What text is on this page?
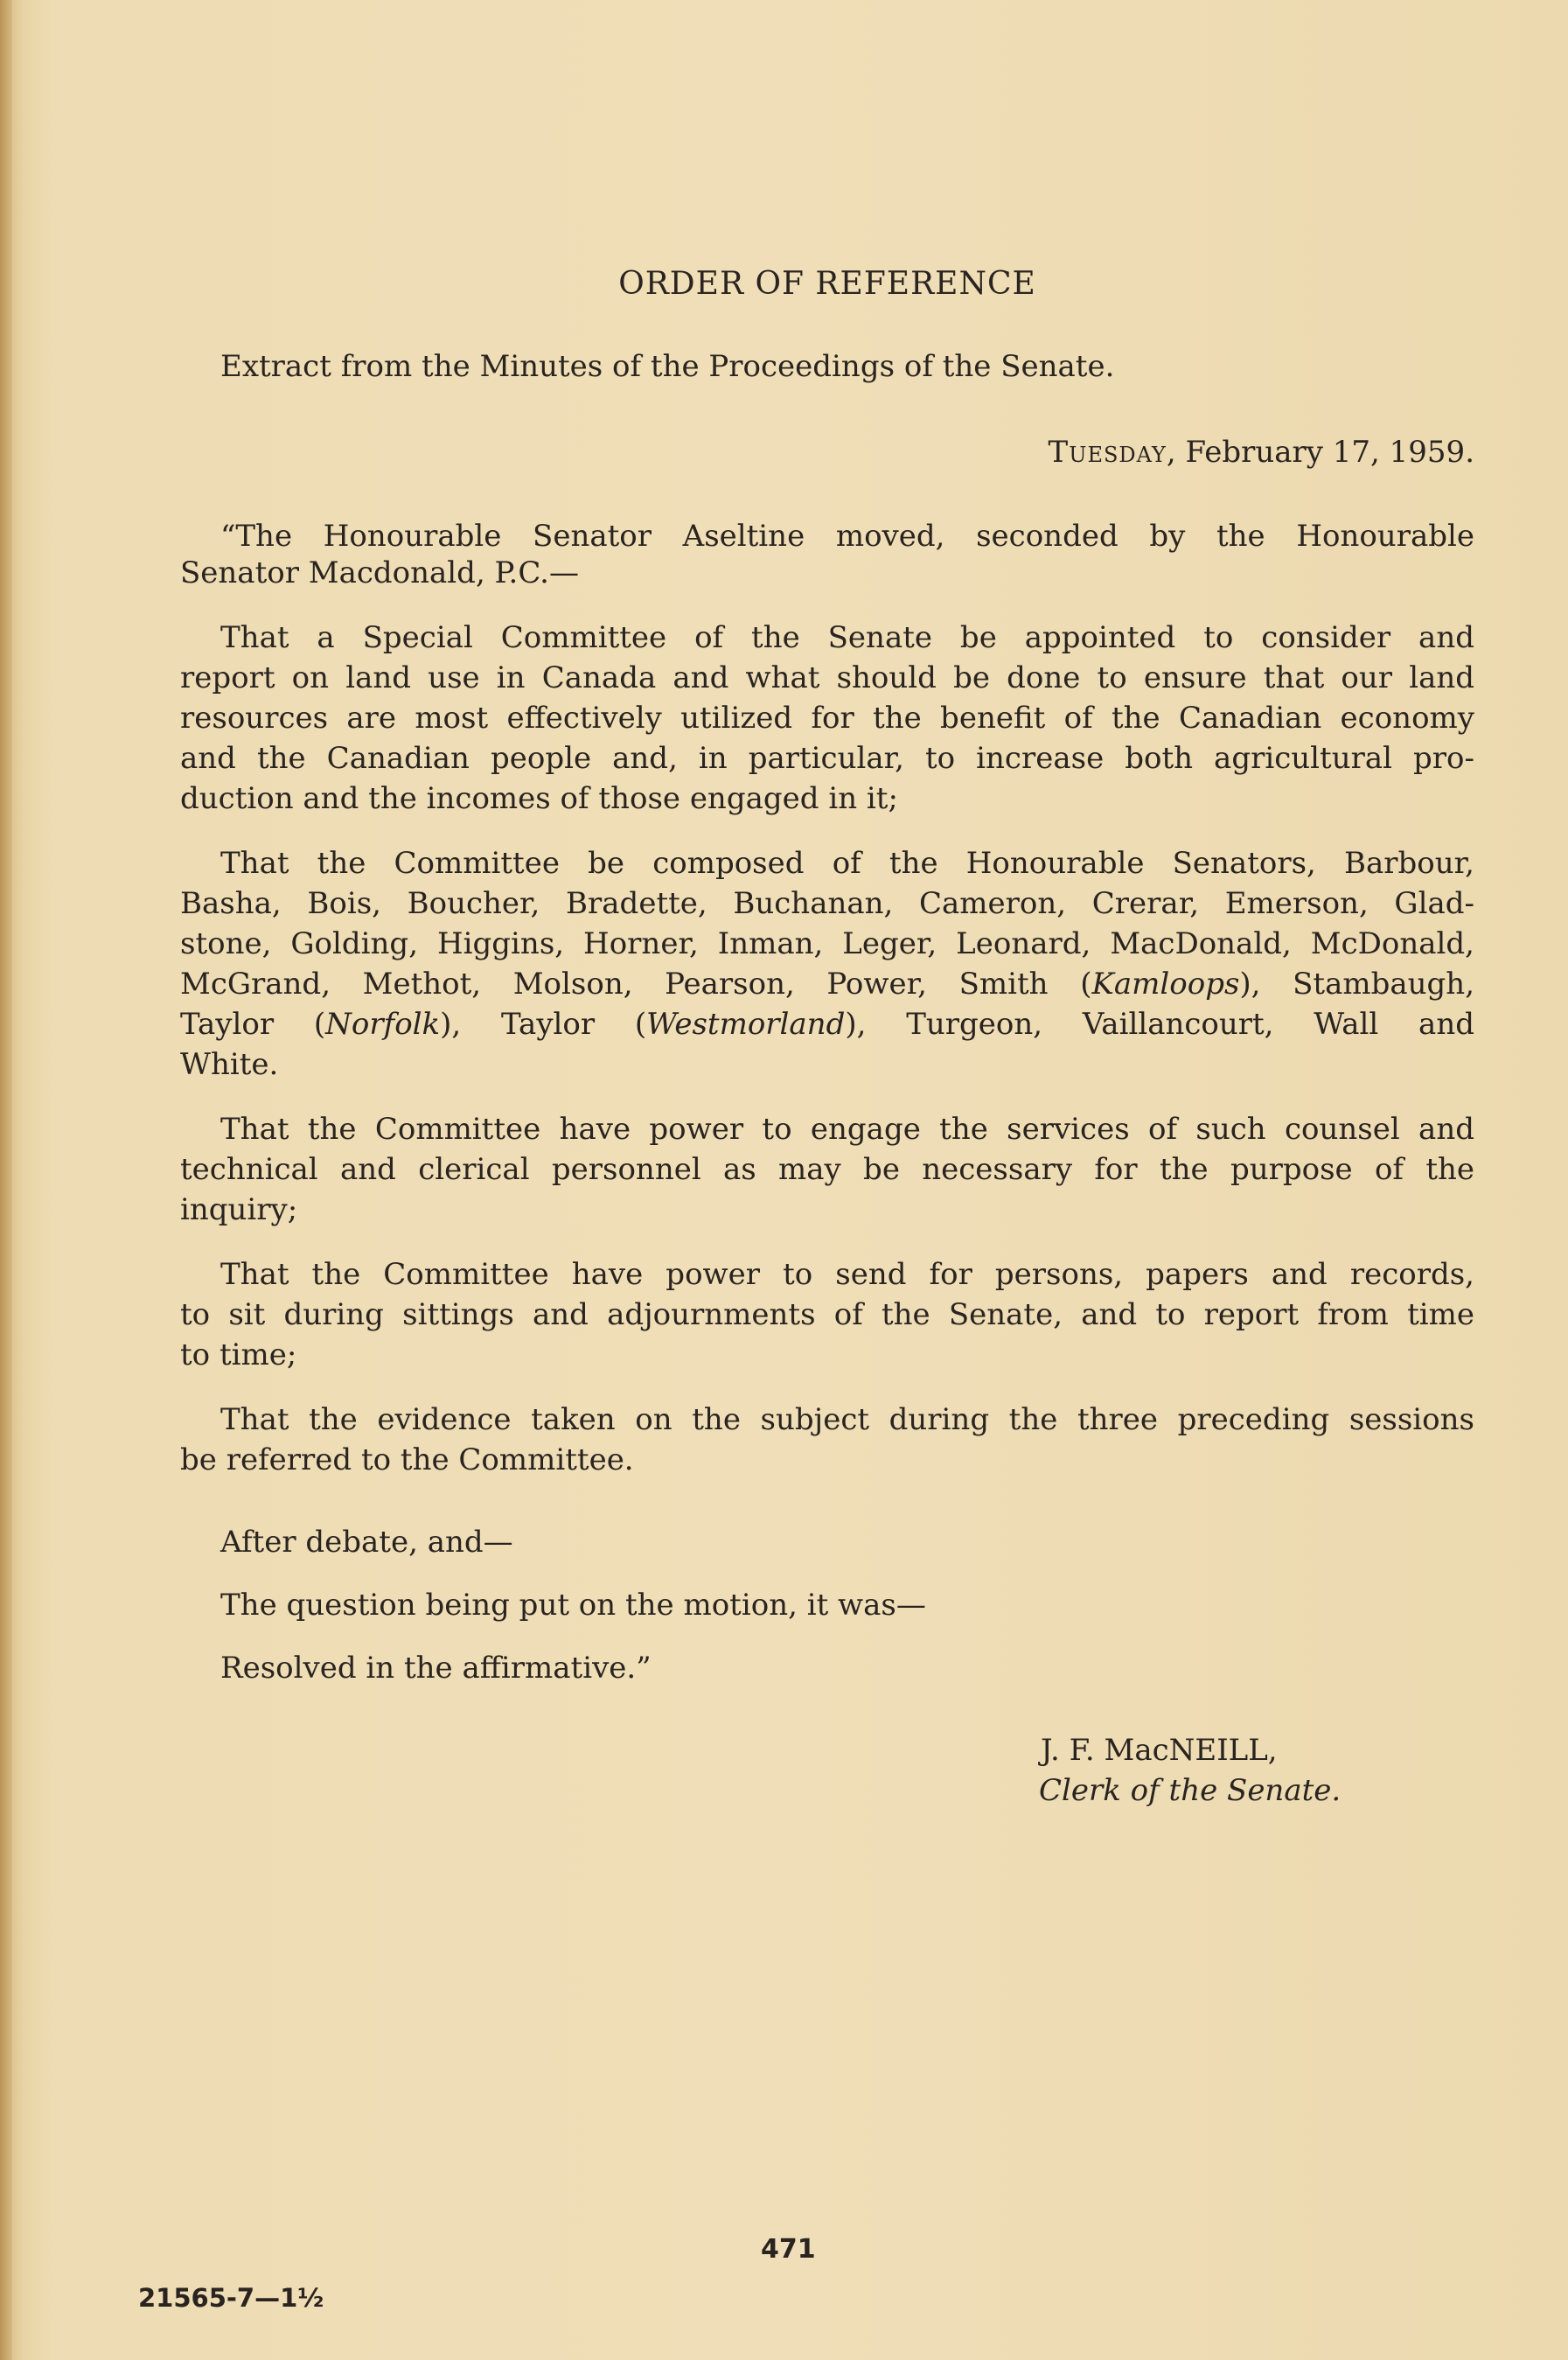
ORDER OF REFERENCE
Extract from the Minutes of the Proceedings of the Senate.
Tuesday, February 17, 1959.
“The Honourable Senator Aseltine moved, seconded by the Honourable
Senator Macdonald, P.C.—
That a Special Committee of the Senate be appointed to consider and
report on land use in Canada and what should be done to ensure that our land
resources are most effectively utilized for the benefit of the Canadian economy
and the Canadian people and, in particular, to increase both agricultural pro-
duction and the incomes of those engaged in it;
That the Committee be composed of the Honourable Senators, Barbour,
Basha, Bois, Boucher, Bradette, Buchanan, Cameron, Crerar, Emerson, Glad-
stone, Golding, Higgins, Horner, Inman, Leger, Leonard, MacDonald, McDonald,
McGrand, Methot, Molson, Pearson, Power, Smith (Kamloops), Stambaugh,
Taylor (Norfolk), Taylor (Westmorland), Turgeon, Vaillancourt, Wall and
White.
That the Committee have power to engage the services of such counsel and
technical and clerical personnel as may be necessary for the purpose of the
inquiry;
That the Committee have power to send for persons, papers and records,
to sit during sittings and adjournments of the Senate, and to report from time
to time;
That the evidence taken on the subject during the three preceding sessions
be referred to the Committee.
After debate, and—
The question being put on the motion, it was—
Resolved in the affirmative.”
J. F. MacNEILL,
Clerk of the Senate.
471
21565-7—1½
